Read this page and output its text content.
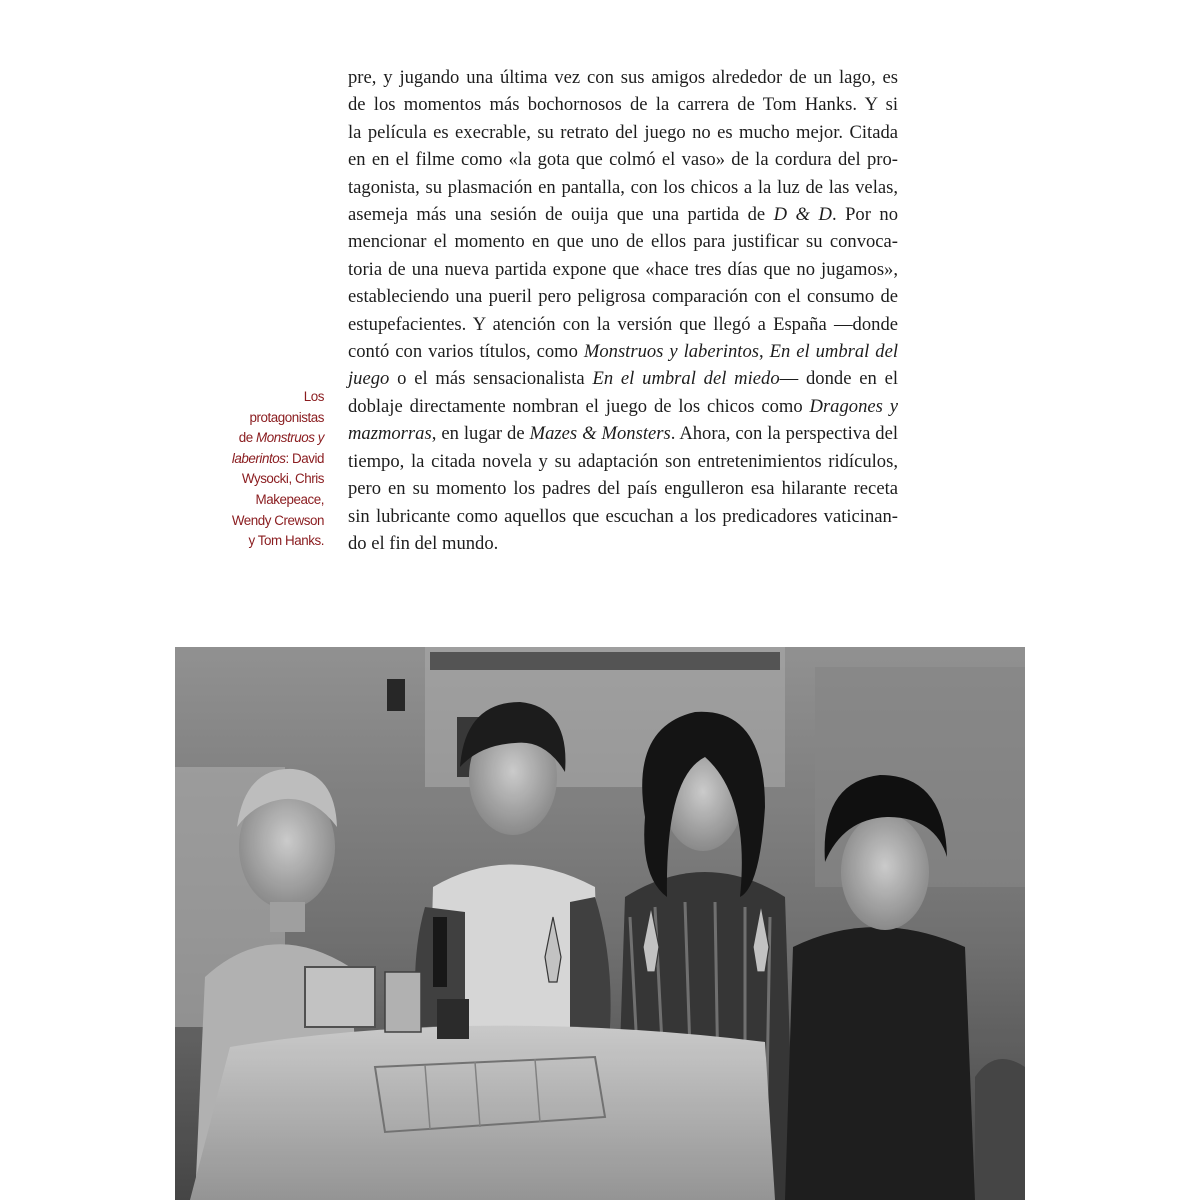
pre, y jugando una última vez con sus amigos alrededor de un lago, es
de los momentos más bochornosos de la carrera de Tom Hanks. Y si
la película es execrable, su retrato del juego no es mucho mejor. Citada
en en el filme como «la gota que colmó el vaso» de la cordura del pro-
tagonista, su plasmación en pantalla, con los chicos a la luz de las velas,
asemeja más una sesión de ouija que una partida de D & D. Por no
mencionar el momento en que uno de ellos para justificar su convoca-
toria de una nueva partida expone que «hace tres días que no jugamos»,
estableciendo una pueril pero peligrosa comparación con el consumo de
estupefacientes. Y atención con la versión que llegó a España —donde
contó con varios títulos, como Monstruos y laberintos, En el umbral del
juego o el más sensacionalista En el umbral del miedo— donde en el
doblaje directamente nombran el juego de los chicos como Dragones y
mazmorras, en lugar de Mazes & Monsters. Ahora, con la perspectiva del
tiempo, la citada novela y su adaptación son entretenimientos ridículos,
pero en su momento los padres del país engulleron esa hilarante receta
sin lubricante como aquellos que escuchan a los predicadores vaticinan-
do el fin del mundo.
Los
protagonistas
de Monstruos y
laberintos: David
Wysocki, Chris
Makepeace,
Wendy Crewson
y Tom Hanks.
